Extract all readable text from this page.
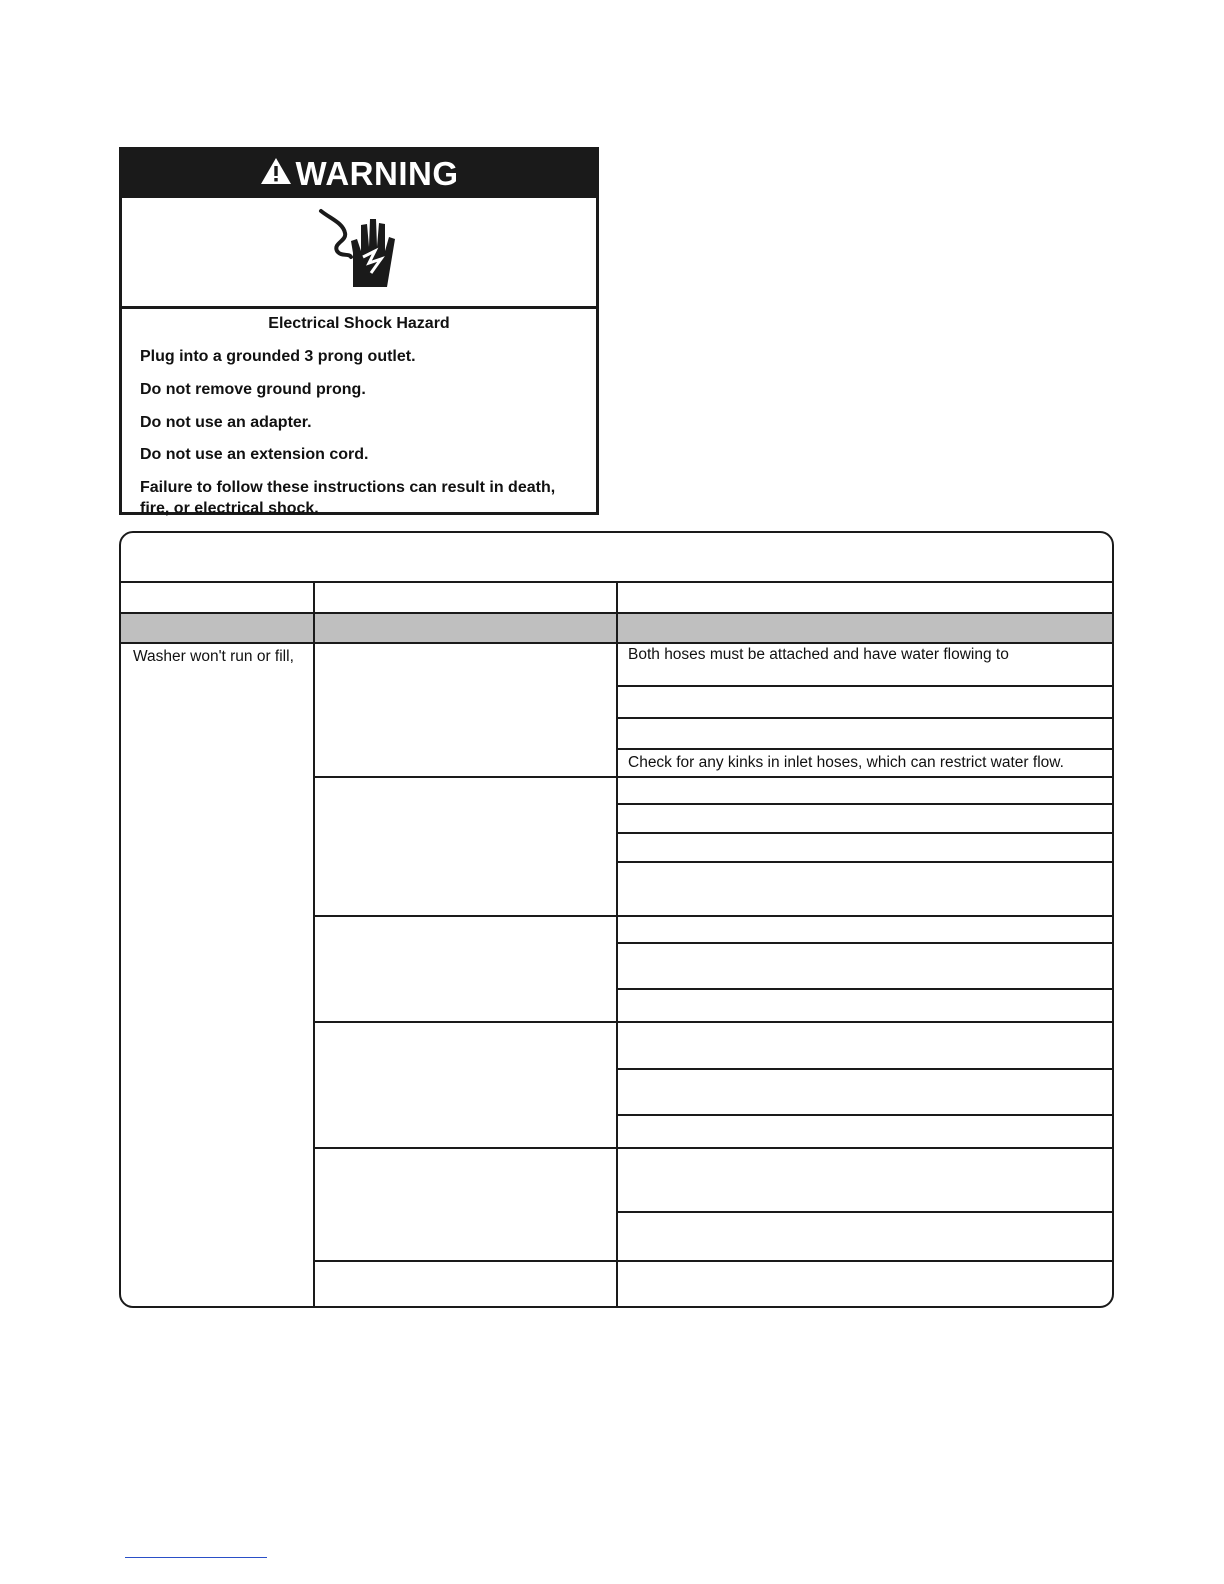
WARNING

Electrical Shock Hazard

Plug into a grounded 3 prong outlet.

Do not remove ground prong.

Do not use an adapter.

Do not use an extension cord.

Failure to follow these instructions can result in death, fire, or electrical shock.

Washer won't run or fill,	Both hoses must be attached and have water flowing to
Check for any kinks in inlet hoses, which can restrict water flow.
